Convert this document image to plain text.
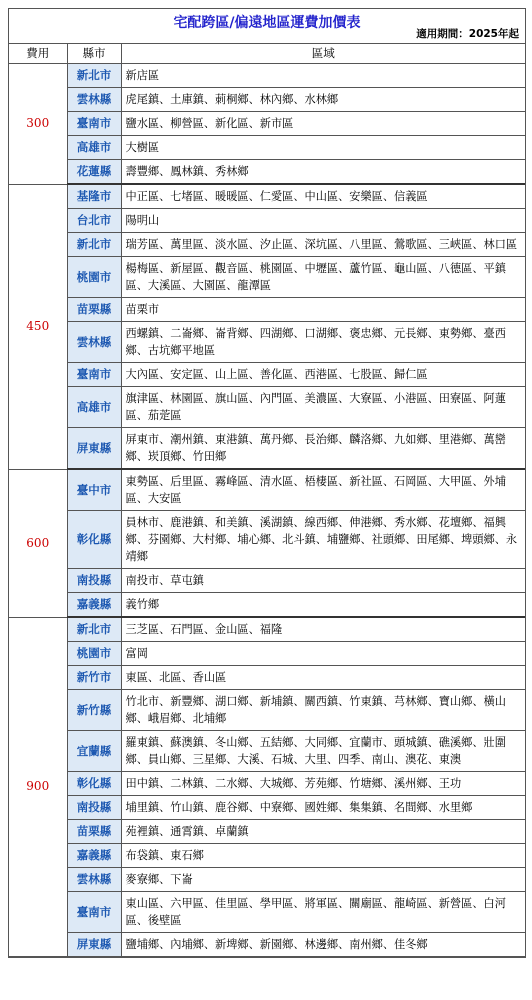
宅配跨區/偏遠地區運費加價表
適用期間：2025年起
費用	縣市	區域
300	新北市	新店區
	雲林縣	虎尾鎮、土庫鎮、莿桐鄉、林內鄉、水林鄉
	臺南市	鹽水區、柳營區、新化區、新市區
	高雄市	大樹區
	花蓮縣	壽豐鄉、鳳林鎮、秀林鄉
450	基隆市	中正區、七堵區、暖暖區、仁愛區、中山區、安樂區、信義區
	台北市	陽明山
	新北市	瑞芳區、萬里區、淡水區、汐止區、深坑區、八里區、鶯歌區、三峽區、林口區
	桃園市	楊梅區、新屋區、觀音區、桃園區、中壢區、蘆竹區、龜山區、八德區、平鎮區、大溪區、大園區、龍潭區
	苗栗縣	苗栗市
	雲林縣	西螺鎮、二崙鄉、崙背鄉、四湖鄉、口湖鄉、褒忠鄉、元長鄉、東勢鄉、臺西鄉、古坑鄉平地區
	臺南市	大內區、安定區、山上區、善化區、西港區、七股區、歸仁區
	高雄市	旗津區、林園區、旗山區、內門區、美濃區、大寮區、小港區、田寮區、阿蓮區、茄萣區
	屏東縣	屏東市、潮州鎮、東港鎮、萬丹鄉、長治鄉、麟洛鄉、九如鄉、里港鄉、萬巒鄉、崁頂鄉、竹田鄉
600	臺中市	東勢區、后里區、霧峰區、清水區、梧棲區、新社區、石岡區、大甲區、外埔區、大安區
	彰化縣	員林市、鹿港鎮、和美鎮、溪湖鎮、線西鄉、伸港鄉、秀水鄉、花壇鄉、福興鄉、芬園鄉、大村鄉、埔心鄉、北斗鎮、埔鹽鄉、社頭鄉、田尾鄉、埤頭鄉、永靖鄉
	南投縣	南投市、草屯鎮
	嘉義縣	義竹鄉
900	新北市	三芝區、石門區、金山區、福隆
	桃園市	富岡
	新竹市	東區、北區、香山區
	新竹縣	竹北市、新豐鄉、湖口鄉、新埔鎮、關西鎮、竹東鎮、芎林鄉、寶山鄉、橫山鄉、峨眉鄉、北埔鄉
	宜蘭縣	羅東鎮、蘇澳鎮、冬山鄉、五結鄉、大同鄉、宜蘭市、頭城鎮、礁溪鄉、壯圍鄉、員山鄉、三星鄉、大溪、石城、大里、四季、南山、澳花、東澳
	彰化縣	田中鎮、二林鎮、二水鄉、大城鄉、芳苑鄉、竹塘鄉、溪州鄉、王功
	南投縣	埔里鎮、竹山鎮、鹿谷鄉、中寮鄉、國姓鄉、集集鎮、名間鄉、水里鄉
	苗栗縣	苑裡鎮、通霄鎮、卓蘭鎮
	嘉義縣	布袋鎮、東石鄉
	雲林縣	麥寮鄉、下崙
	臺南市	東山區、六甲區、佳里區、學甲區、將軍區、關廟區、龍崎區、新營區、白河區、後壁區
	屏東縣	鹽埔鄉、內埔鄉、新埤鄉、新園鄉、林邊鄉、南州鄉、佳冬鄉
